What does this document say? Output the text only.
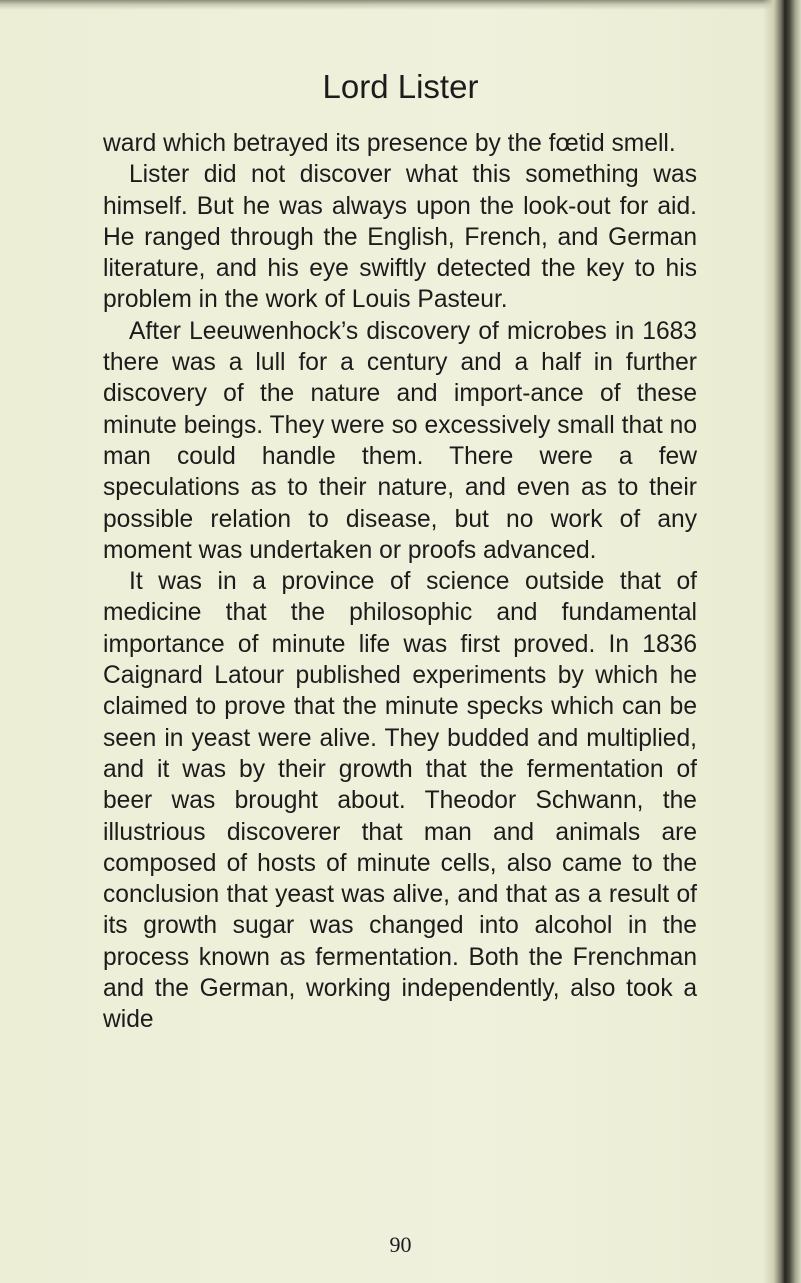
Lord Lister

ward which betrayed its presence by the fœtid smell.

Lister did not discover what this something was himself. But he was always upon the look-out for aid. He ranged through the English, French, and German literature, and his eye swiftly detected the key to his problem in the work of Louis Pasteur.

After Leeuwenhock’s discovery of microbes in 1683 there was a lull for a century and a half in further discovery of the nature and import-ance of these minute beings. They were so excessively small that no man could handle them. There were a few speculations as to their nature, and even as to their possible relation to disease, but no work of any moment was undertaken or proofs advanced.

It was in a province of science outside that of medicine that the philosophic and fundamental importance of minute life was first proved. In 1836 Caignard Latour published experiments by which he claimed to prove that the minute specks which can be seen in yeast were alive. They budded and multiplied, and it was by their growth that the fermentation of beer was brought about. Theodor Schwann, the illustrious discoverer that man and animals are composed of hosts of minute cells, also came to the conclusion that yeast was alive, and that as a result of its growth sugar was changed into alcohol in the process known as fermentation. Both the Frenchman and the German, working independently, also took a wide

90
